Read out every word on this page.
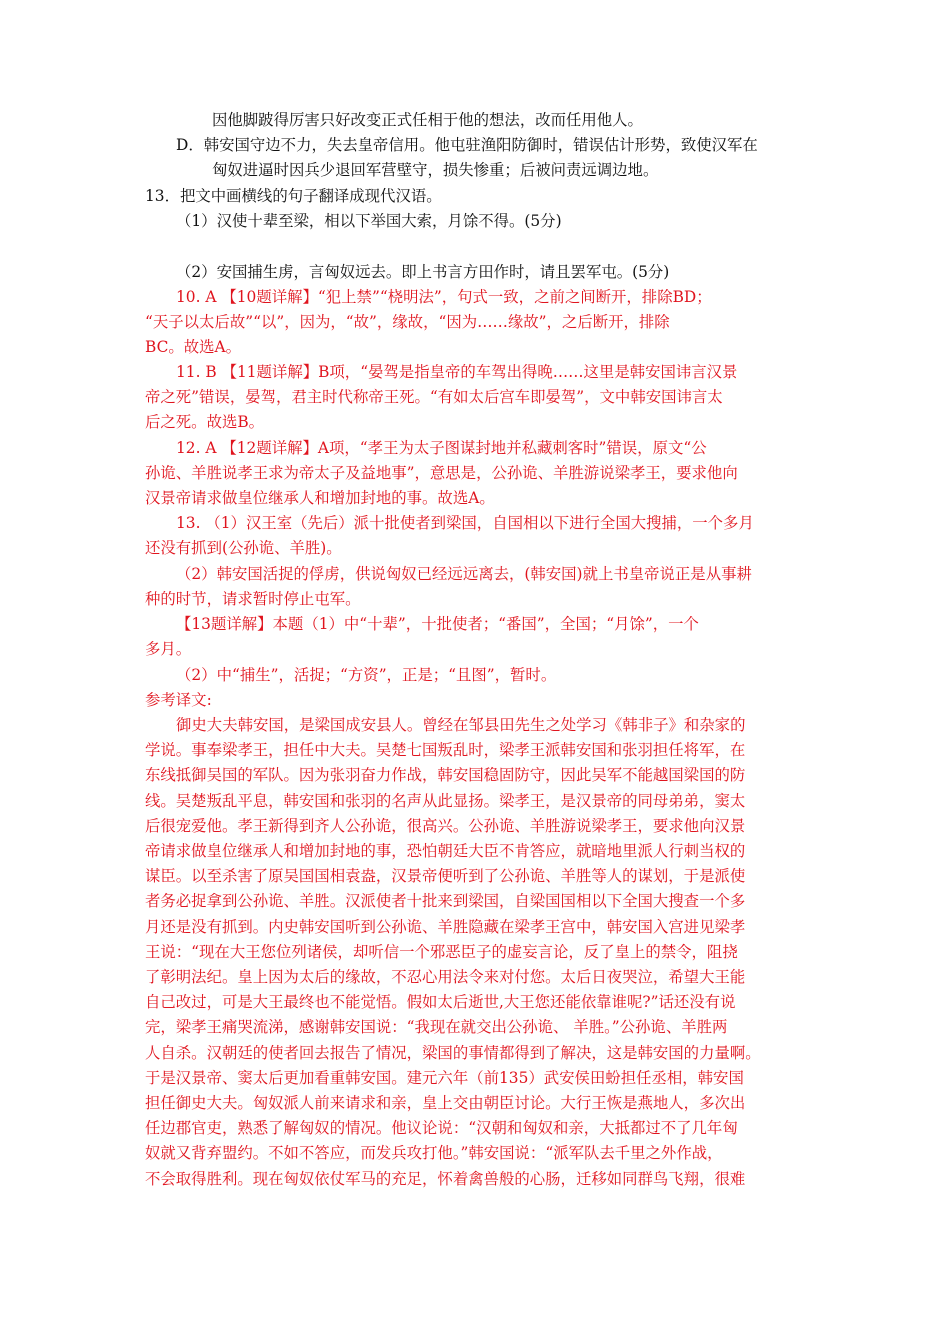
因他脚跛得厉害只好改变正式任相于他的想法，改而任用他人。

D．韩安国守边不力，失去皇帝信用。他屯驻渔阳防御时，错误估计形势，致使汉军在

匈奴进逼时因兵少退回军营壁守，损失惨重；后被问责远调边地。

13．把文中画横线的句子翻译成现代汉语。

（1）汉使十辈至梁，相以下举国大索，月馀不得。(5分)

（2）安国捕生虏，言匈奴远去。即上书言方田作时，请且罢军屯。(5分)

10. A 【10题详解】“犯上禁”“桡明法”，句式一致，之前之间断开，排除BD；

“天子以太后故”“以”，因为，“故”，缘故，“因为……缘故”，之后断开，排除

BC。故选A。

11. B 【11题详解】B项，“晏驾是指皇帝的车驾出得晚……这里是韩安国讳言汉景

帝之死”错误，晏驾，君主时代称帝王死。“有如太后宫车即晏驾”，文中韩安国讳言太

后之死。故选B。

12. A 【12题详解】A项，“孝王为太子图谋封地并私藏刺客时”错误，原文“公

孙诡、羊胜说孝王求为帝太子及益地事”，意思是，公孙诡、羊胜游说梁孝王，要求他向

汉景帝请求做皇位继承人和增加封地的事。故选A。

13. （1）汉王室（先后）派十批使者到梁国，自国相以下进行全国大搜捕，一个多月

还没有抓到(公孙诡、羊胜)。

（2）韩安国活捉的俘虏，供说匈奴已经远远离去，(韩安国)就上书皇帝说正是从事耕

种的时节，请求暂时停止屯军。

【13题详解】本题（1）中“十辈”，十批使者；“番国”，全国；“月馀”，一个

多月。

（2）中“捕生”，活捉；“方资”，正是；“且图”，暂时。

参考译文:

御史大夫韩安国，是梁国成安县人。曾经在邹县田先生之处学习《韩非子》和杂家的

学说。事奉梁孝王，担任中大夫。吴楚七国叛乱时，梁孝王派韩安国和张羽担任将军，在

东线抵御吴国的军队。因为张羽奋力作战，韩安国稳固防守，因此吴军不能越国梁国的防

线。吴楚叛乱平息，韩安国和张羽的名声从此显扬。梁孝王，是汉景帝的同母弟弟，窦太

后很宠爱他。孝王新得到齐人公孙诡，很高兴。公孙诡、羊胜游说梁孝王，要求他向汉景

帝请求做皇位继承人和增加封地的事，恐怕朝廷大臣不肯答应，就暗地里派人行刺当权的

谋臣。以至杀害了原吴国国相袁盎，汉景帝便听到了公孙诡、羊胜等人的谋划，于是派使

者务必捉拿到公孙诡、羊胜。汉派使者十批来到梁国，自梁国国相以下全国大搜查一个多

月还是没有抓到。内史韩安国听到公孙诡、羊胜隐藏在梁孝王宫中，韩安国入宫进见梁孝

王说：“现在大王您位列诸侯，却听信一个邪恶臣子的虚妄言论，反了皇上的禁令，阻挠

了彰明法纪。皇上因为太后的缘故，不忍心用法令来对付您。太后日夜哭泣，希望大王能

自己改过，可是大王最终也不能觉悟。假如太后逝世,大王您还能依靠谁呢?”话还没有说

完，梁孝王痛哭流涕，感谢韩安国说：“我现在就交出公孙诡、 羊胜。”公孙诡、羊胜两

人自杀。汉朝廷的使者回去报告了情况，梁国的事情都得到了解决，这是韩安国的力量啊。

于是汉景帝、窦太后更加看重韩安国。建元六年（前135）武安侯田蚡担任丞相，韩安国

担任御史大夫。匈奴派人前来请求和亲，皇上交由朝臣讨论。大行王恢是燕地人，多次出

任边郡官吏，熟悉了解匈奴的情况。他议论说：“汉朝和匈奴和亲，大抵都过不了几年匈

奴就又背弃盟约。不如不答应，而发兵攻打他。”韩安国说：“派军队去千里之外作战，

不会取得胜利。现在匈奴依仗军马的充足，怀着禽兽般的心肠，迁移如同群鸟飞翔，很难
